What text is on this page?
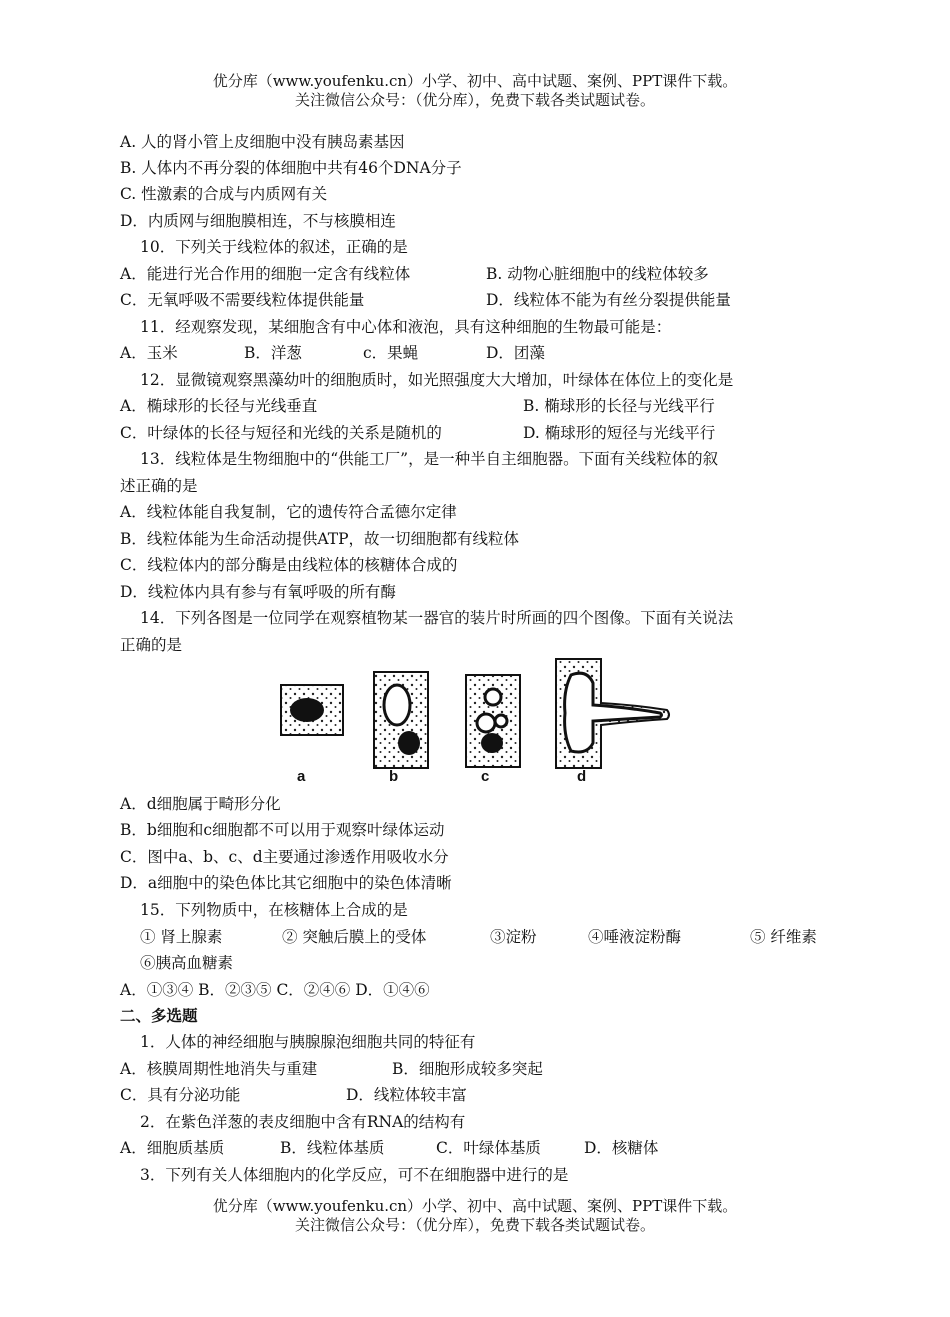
优分库（www.youfenku.cn）小学、初中、高中试题、案例、PPT课件下载。
关注微信公众号：（优分库），免费下载各类试题试卷。
A. 人的肾小管上皮细胞中没有胰岛素基因
B. 人体内不再分裂的体细胞中共有46个DNA分子
C. 性激素的合成与内质网有关
D．内质网与细胞膜相连，不与核膜相连
10．下列关于线粒体的叙述，正确的是
A．能进行光合作用的细胞一定含有线粒体	B. 动物心脏细胞中的线粒体较多
C．无氧呼吸不需要线粒体提供能量	D．线粒体不能为有丝分裂提供能量
11．经观察发现，某细胞含有中心体和液泡，具有这种细胞的生物最可能是：
A．玉米	B．洋葱	c．果蝇	D．团藻
12．显微镜观察黑藻幼叶的细胞质时，如光照强度大大增加，叶绿体在体位上的变化是
A．椭球形的长径与光线垂直	B. 椭球形的长径与光线平行
C．叶绿体的长径与短径和光线的关系是随机的	D. 椭球形的短径与光线平行
13．线粒体是生物细胞中的“供能工厂”，是一种半自主细胞器。下面有关线粒体的叙
述正确的是
A．线粒体能自我复制，它的遗传符合孟德尔定律
B．线粒体能为生命活动提供ATP，故一切细胞都有线粒体
C．线粒体内的部分酶是由线粒体的核糖体合成的
D．线粒体内具有参与有氧呼吸的所有酶
14．下列各图是一位同学在观察植物某一器官的装片时所画的四个图像。下面有关说法
正确的是
a	b	c	d
A．d细胞属于畸形分化
B．b细胞和c细胞都不可以用于观察叶绿体运动
C．图中a、b、c、d主要通过渗透作用吸收水分
D．a细胞中的染色体比其它细胞中的染色体清晰
15．下列物质中，在核糖体上合成的是
① 肾上腺素	② 突触后膜上的受体	③淀粉	④唾液淀粉酶	⑤ 纤维素
⑥胰高血糖素
A．①③④ B．②③⑤ C．②④⑥ D．①④⑥
二、多选题
1．人体的神经细胞与胰腺腺泡细胞共同的特征有
A．核膜周期性地消失与重建	B．细胞形成较多突起
C．具有分泌功能	D．线粒体较丰富
2．在紫色洋葱的表皮细胞中含有RNA的结构有
A．细胞质基质	B．线粒体基质	C．叶绿体基质	D．核糖体
3．下列有关人体细胞内的化学反应，可不在细胞器中进行的是
优分库（www.youfenku.cn）小学、初中、高中试题、案例、PPT课件下载。
关注微信公众号：（优分库），免费下载各类试题试卷。
